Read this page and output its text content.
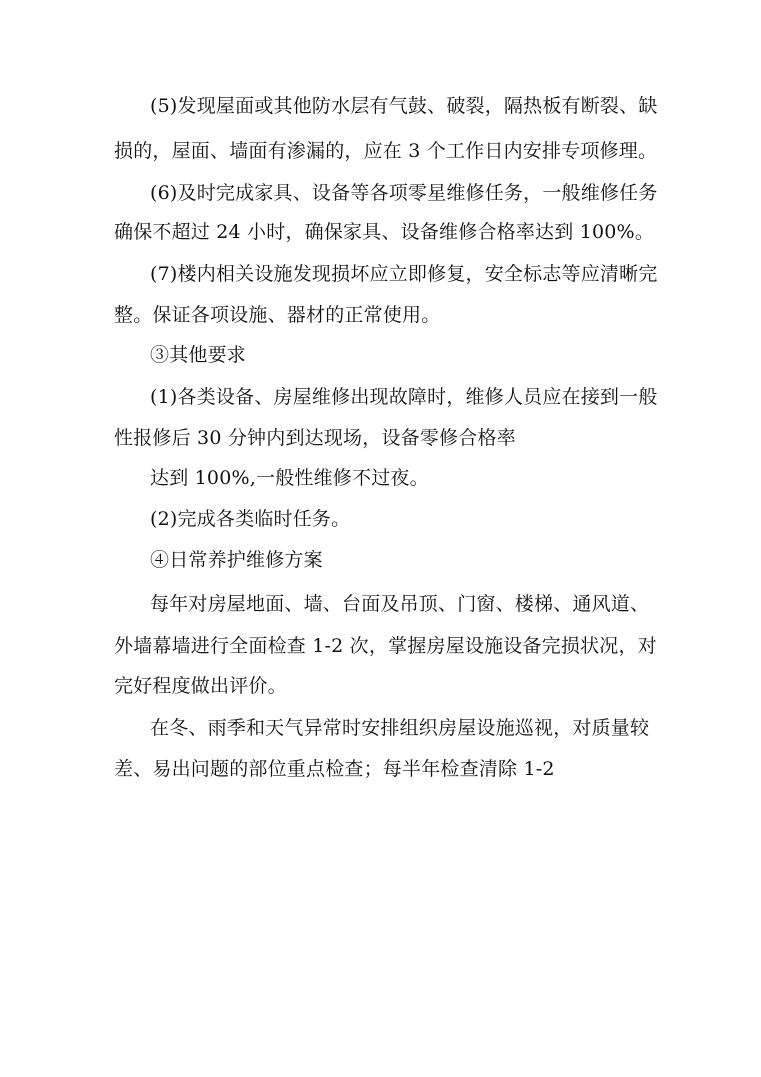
(5)发现屋面或其他防水层有气鼓、破裂，隔热板有断裂、缺
损的，屋面、墙面有渗漏的，应在 3 个工作日内安排专项修理。
(6)及时完成家具、设备等各项零星维修任务，一般维修任务
确保不超过 24 小时，确保家具、设备维修合格率达到 100%。
(7)楼内相关设施发现损坏应立即修复，安全标志等应清晰完
整。保证各项设施、器材的正常使用。
③其他要求
(1)各类设备、房屋维修出现故障时，维修人员应在接到一般
性报修后 30 分钟内到达现场，设备零修合格率
达到 100%,一般性维修不过夜。
(2)完成各类临时任务。
④日常养护维修方案
每年对房屋地面、墙、台面及吊顶、门窗、楼梯、通风道、
外墙幕墙进行全面检查 1-2 次，掌握房屋设施设备完损状况，对
完好程度做出评价。
在冬、雨季和天气异常时安排组织房屋设施巡视，对质量较
差、易出问题的部位重点检查；每半年检查清除 1-2
